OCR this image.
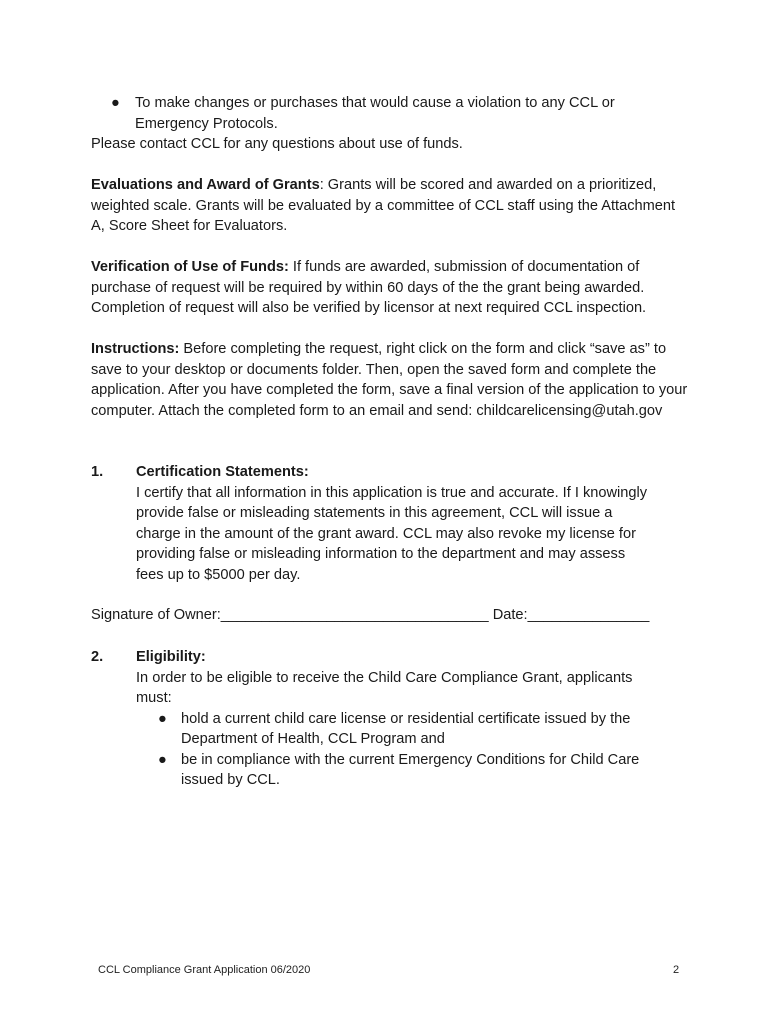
● To make changes or purchases that would cause a violation to any CCL or Emergency Protocols.

Please contact CCL for any questions about use of funds.

Evaluations and Award of Grants: Grants will be scored and awarded on a prioritized, weighted scale. Grants will be evaluated by a committee of CCL staff using the Attachment A, Score Sheet for Evaluators.

Verification of Use of Funds: If funds are awarded, submission of documentation of purchase of request will be required by within 60 days of the the grant being awarded. Completion of request will also be verified by licensor at next required CCL inspection.

Instructions: Before completing the request, right click on the form and click “save as” to save to your desktop or documents folder. Then, open the saved form and complete the application. After you have completed the form, save a final version of the application to your computer. Attach the completed form to an email and send: childcarelicensing@utah.gov

1. Certification Statements:

I certify that all information in this application is true and accurate. If I knowingly provide false or misleading statements in this agreement, CCL will issue a charge in the amount of the grant award. CCL may also revoke my license for providing false or misleading information to the department and may assess fees up to $5000 per day.

Signature of Owner:_________________________________ Date:_______________
2. Eligibility:

In order to be eligible to receive the Child Care Compliance Grant, applicants must:

● hold a current child care license or residential certificate issued by the Department of Health, CCL Program and

● be in compliance with the current Emergency Conditions for Child Care issued by CCL.

CCL Compliance Grant Application 06/2020	2
